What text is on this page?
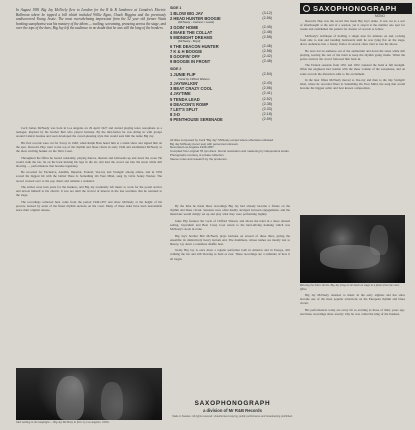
In August 1981 Big Jay McNeely flew to London for the R & B Jamboree at Camden's Electric Ballroom where he topped a bill which included Willie Egan, Chuck Higgins and the previously undiscovered Young Jessie. The most overwhelming impression from the 52 year old former Watts honking saxophonist was his mastery of the idiom — wailing, screaming, prancing across the stage, and over the tops of the bars, Big Jay left the audience in no doubt that he was still the king of the honkers.

Cecil James McNeely was born in Los Angeles on 29 April 1927 and started playing tenor saxophone as a teenager, inspired by his brother Bob who played baritone. By the mid-forties he was sitting in with groups around Central Avenue and soon developed the crowd-pleasing style that would earn him the name Big Jay.

His first records were cut for Savoy in 1948, when Ralph Bass heard him at a talent show and signed him on the spot. Deacon's Hop went to the top of the rhythm and blues charts in early 1949 and established McNeely as the most exciting honker on the West Coast.

Throughout the fifties he toured constantly, playing dances, theatres and ballrooms up and down the coast. He would walk the bar, lie on his back kicking his legs in the air, and lead the crowd out into the street while still blowing — performances that became legendary.

He recorded for Exclusive, Aladdin, Imperial, Federal, Vee-Jay and Swingin' among others, and in 1959 scored his biggest hit with the ballad There Is Something On Your Mind, sung by Little Sonny Warner. The record crossed over to the pop charts and remains a standard.

The sixties were lean years for the honkers, and Big Jay eventually left music to work for the postal service and devote himself to his church. It was not until the revival of interest in the late seventies that he returned to the stage.

The recordings collected here come from the period 1949-1957 and show McNeely at the height of his powers, backed by some of the finest rhythm sections on the coast. Many of these sides have been unavailable since their original release.

SAX wailing in the lamplight — Big Jay McNeely in full cry, Los Angeles, 1950s.
SIDE 1
1 BLOW BIG JAY	(3-12)
2 HEAD HUNTER BOOGIE	(2-56)
(McNeely - Jackson / Lewis)
3 GOIN' HOME	(2-45)
4 MAKE THE COLLAT	(2-48)
5 MIDNIGHT DREAMS	(2-58)
(McNeely - Boyd)
6 THE DEACON HUNTER	(2-46)
7 K & H BOOGIE	(2-58)
8 GOOFIN' OFF	(2-42)
9 BOOGIE IN FRONT	(2-48)
SIDE 2
1 JUNIE FLIP	(2-54)
Vocal by Clifford Watson
2 JAYWALKIN'	(2-43)
3 BEAT CRAZY COOL	(2-56)
4 JAYTIME	(2-41)
5 TENDA LEAD	(2-52)
6 DEACON'S ROMP	(2-38)
7 LET'S SPLIT	(2-33)
8 3-D	(2-18)
9 PENTHOUSE SERENADE	(2-59)
All titles composed by Cecil "Big Jay" McNeely except where otherwise indicated.
Big Jay McNeely (tenor sax) with personnel unknown.
Recorded Los Angeles 1949-1957.
Compiled from original 78 rpm discs. Sound restoration and mastering by independent studio.
Photographs courtesy of private collection.
Sleeve notes and research by the producers.

By the time he made these recordings Big Jay had already become a fixture on the rhythm and blues circuit. Sessions were often hastily arranged between engagements, and the musicians would simply set up and play what they were performing nightly.

Junie Flip features the vocal of Clifford Watson, and shows the band in a more relaxed setting. Jaywalkin' and Beat Crazy Cool return to the hard-driving honking which was McNeely's stock in trade.

Big Jay's brother Bob McNeely plays baritone on several of these titles, giving the ensemble its distinctively heavy bottom end. The drummers, whose names are mostly lost to history, lay down a relentless shuffle beat.

Today Big Jay is once more a regular performer both in America and in Europe, still walking the bar and still blowing as hard as ever. These recordings are a reminder of how it all began.

SAXOPHONOGRAPH
MONO

Deacon's Hop was the record that made Big Jay's name. It was cut as a sort of afterthought at the end of a session, yet it stayed at the number one spot for weeks and established the pattern for dozens of records to follow.

McNeely's technique of holding a single note for minutes on end, rocking from side to side and bending backwards until he was lying flat on the stage, drove audiences into a frenzy. Police in several cities tried to ban his shows.

He once led an audience out of the auditorium and down the street while still playing, leaving the rest of the band to keep the rhythm going inside. When the police arrived, the crowd followed him back in.

The Federal sessions from 1951 and 1952 captured the band at full strength. Often the engineers had trouble with the sheer volume of the saxophone, and on some records the distortion adds to the excitement.

In the later fifties McNeely moved to Vee-Jay and then to the tiny Swingin' label, where he recorded There Is Something On Your Mind, the song that would become his biggest seller and best known composition.

Blowing the bitter streets. Big Jay lying on his back on stage in a photo from the early fifties.

Big Jay McNeely returned to music in the early eighties and has since become one of the most popular attractions on the European rhythm and blues circuit.

His performances today are every bit as exciting as those of thirty years ago, and these recordings show exactly why he was called the king of the honkers.

SAXOPHONOGRAPH
a division of Mr R&B Records
Made in Sweden. All rights reserved. Unauthorised copying, public performance and broadcasting prohibited.
